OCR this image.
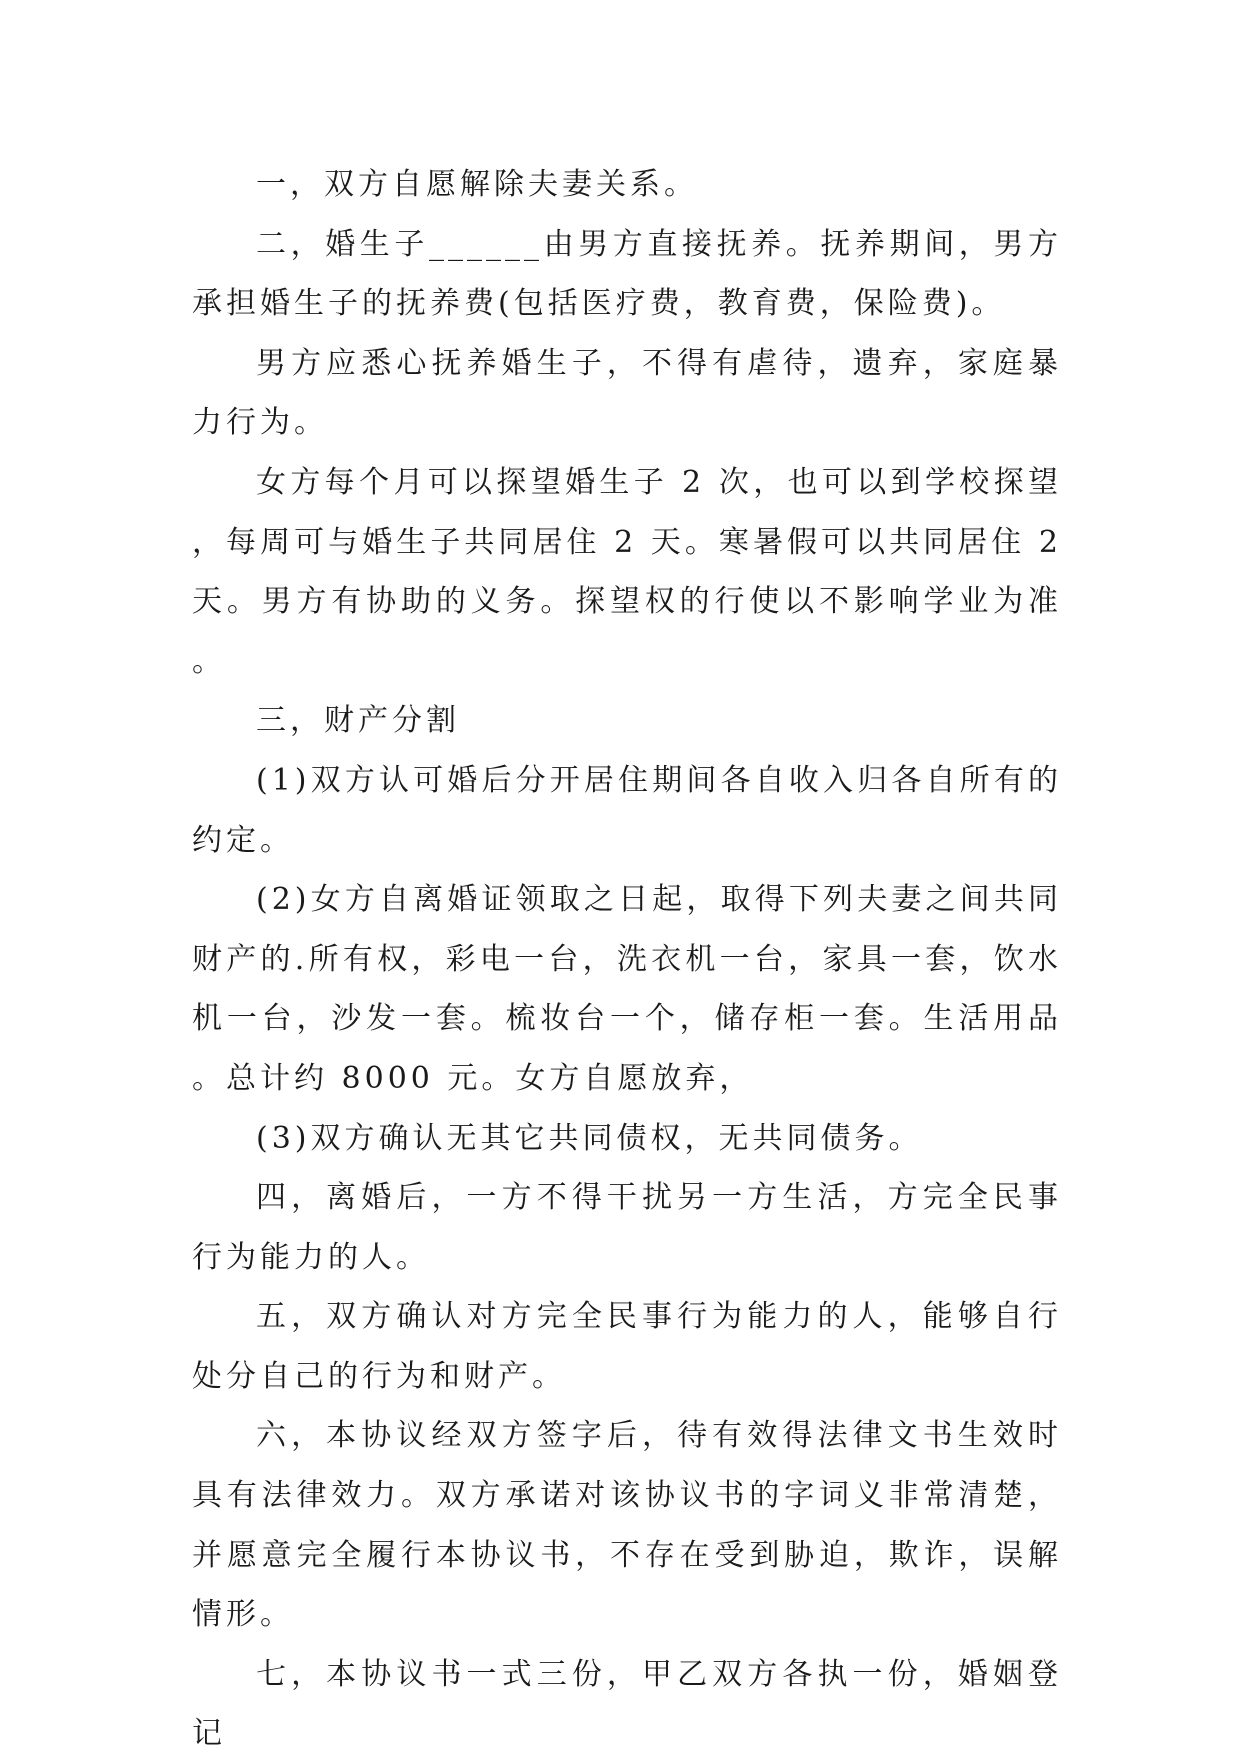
一，双方自愿解除夫妻关系。

二，婚生子______由男方直接抚养。抚养期间，男方承担婚生子的抚养费(包括医疗费，教育费，保险费)。

男方应悉心抚养婚生子，不得有虐待，遗弃，家庭暴力行为。

女方每个月可以探望婚生子 2 次，也可以到学校探望，每周可与婚生子共同居住 2 天。寒暑假可以共同居住 2 天。男方有协助的义务。探望权的行使以不影响学业为准。

三，财产分割

(1)双方认可婚后分开居住期间各自收入归各自所有的约定。

(2)女方自离婚证领取之日起，取得下列夫妻之间共同财产的.所有权，彩电一台，洗衣机一台，家具一套，饮水机一台，沙发一套。梳妆台一个，储存柜一套。生活用品。总计约 8000 元。女方自愿放弃，

(3)双方确认无其它共同债权，无共同债务。

四，离婚后，一方不得干扰另一方生活，方完全民事行为能力的人。

五，双方确认对方完全民事行为能力的人，能够自行处分自己的行为和财产。

六，本协议经双方签字后，待有效得法律文书生效时具有法律效力。双方承诺对该协议书的字词义非常清楚，并愿意完全履行本协议书，不存在受到胁迫，欺诈，误解情形。

七，本协议书一式三份，甲乙双方各执一份，婚姻登记
